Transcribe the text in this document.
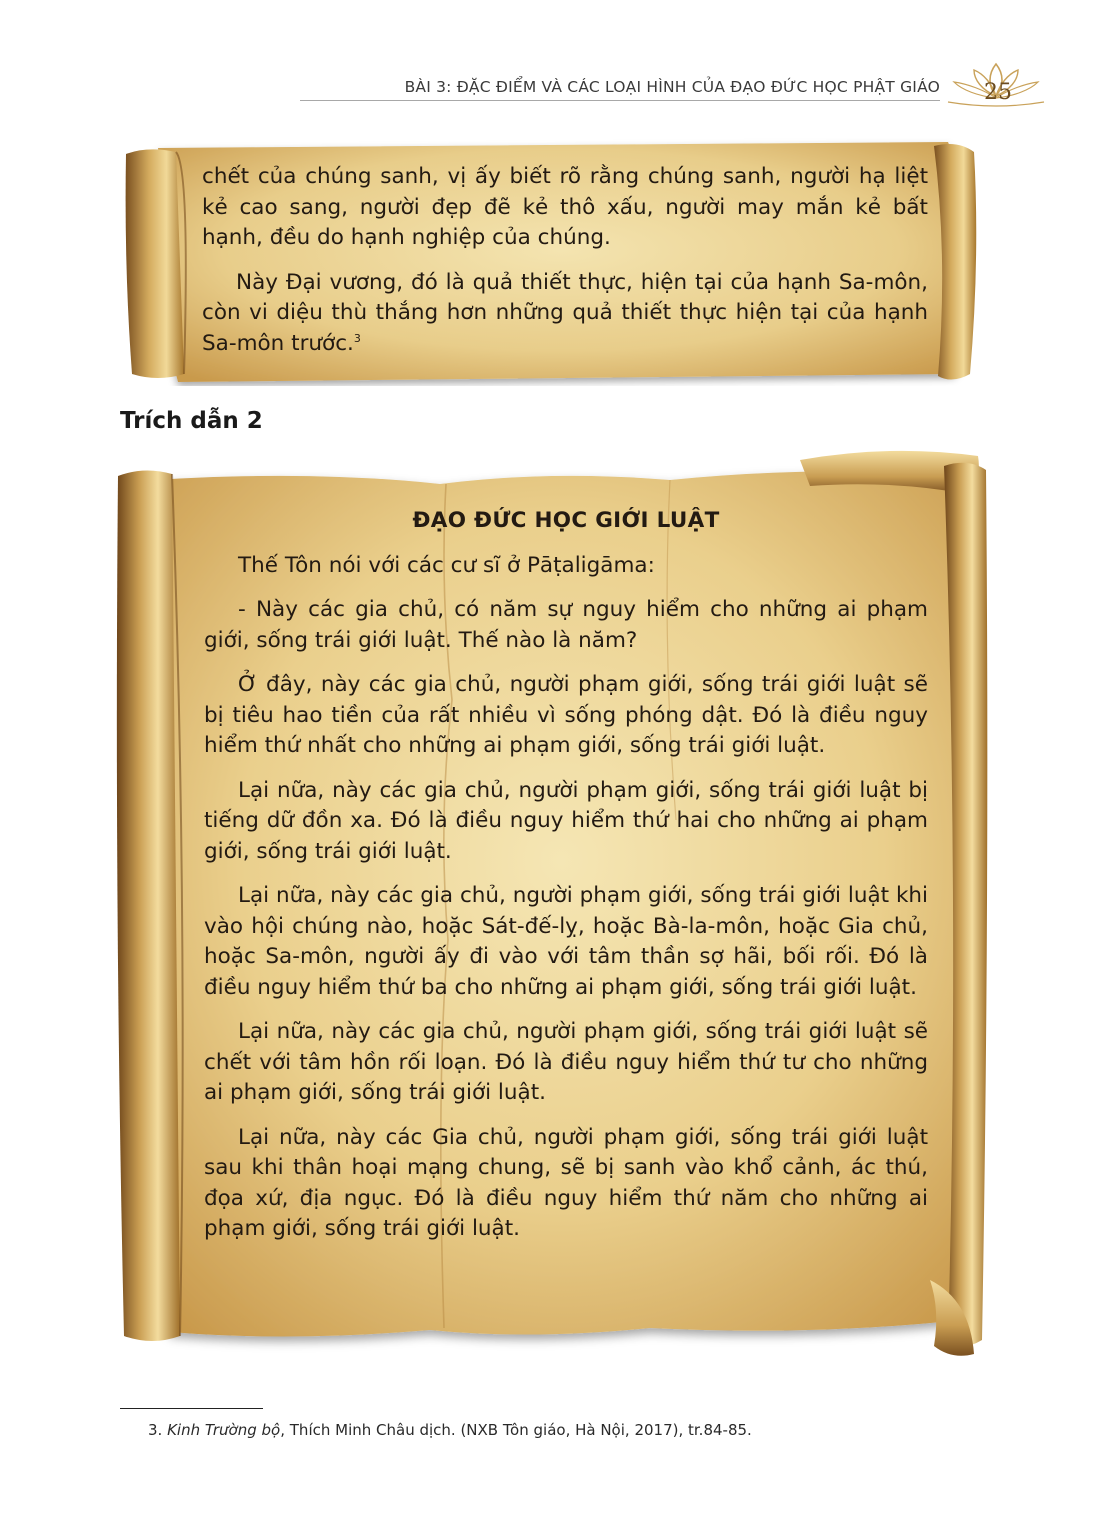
BÀI 3: ĐẶC ĐIỂM VÀ CÁC LOẠI HÌNH CỦA ĐẠO ĐỨC HỌC PHẬT GIÁO	25

chết của chúng sanh, vị ấy biết rõ rằng chúng sanh, người hạ liệt kẻ cao sang, người đẹp đẽ kẻ thô xấu, người may mắn kẻ bất hạnh, đều do hạnh nghiệp của chúng.

Này Đại vương, đó là quả thiết thực, hiện tại của hạnh Sa-môn, còn vi diệu thù thắng hơn những quả thiết thực hiện tại của hạnh Sa-môn trước.$^3$

Trích dẫn 2

ĐẠO ĐỨC HỌC GIỚI LUẬT

Thế Tôn nói với các cư sĩ ở Pāṭaligāma:

- Này các gia chủ, có năm sự nguy hiểm cho những ai phạm giới, sống trái giới luật. Thế nào là năm?

Ở đây, này các gia chủ, người phạm giới, sống trái giới luật sẽ bị tiêu hao tiền của rất nhiều vì sống phóng dật. Đó là điều nguy hiểm thứ nhất cho những ai phạm giới, sống trái giới luật.

Lại nữa, này các gia chủ, người phạm giới, sống trái giới luật bị tiếng dữ đồn xa. Đó là điều nguy hiểm thứ hai cho những ai phạm giới, sống trái giới luật.

Lại nữa, này các gia chủ, người phạm giới, sống trái giới luật khi vào hội chúng nào, hoặc Sát-đế-lỵ, hoặc Bà-la-môn, hoặc Gia chủ, hoặc Sa-môn, người ấy đi vào với tâm thần sợ hãi, bối rối. Đó là điều nguy hiểm thứ ba cho những ai phạm giới, sống trái giới luật.

Lại nữa, này các gia chủ, người phạm giới, sống trái giới luật sẽ chết với tâm hồn rối loạn. Đó là điều nguy hiểm thứ tư cho những ai phạm giới, sống trái giới luật.

Lại nữa, này các Gia chủ, người phạm giới, sống trái giới luật sau khi thân hoại mạng chung, sẽ bị sanh vào khổ cảnh, ác thú, đọa xứ, địa ngục. Đó là điều nguy hiểm thứ năm cho những ai phạm giới, sống trái giới luật.

3. Kinh Trường bộ, Thích Minh Châu dịch. (NXB Tôn giáo, Hà Nội, 2017), tr.84-85.
